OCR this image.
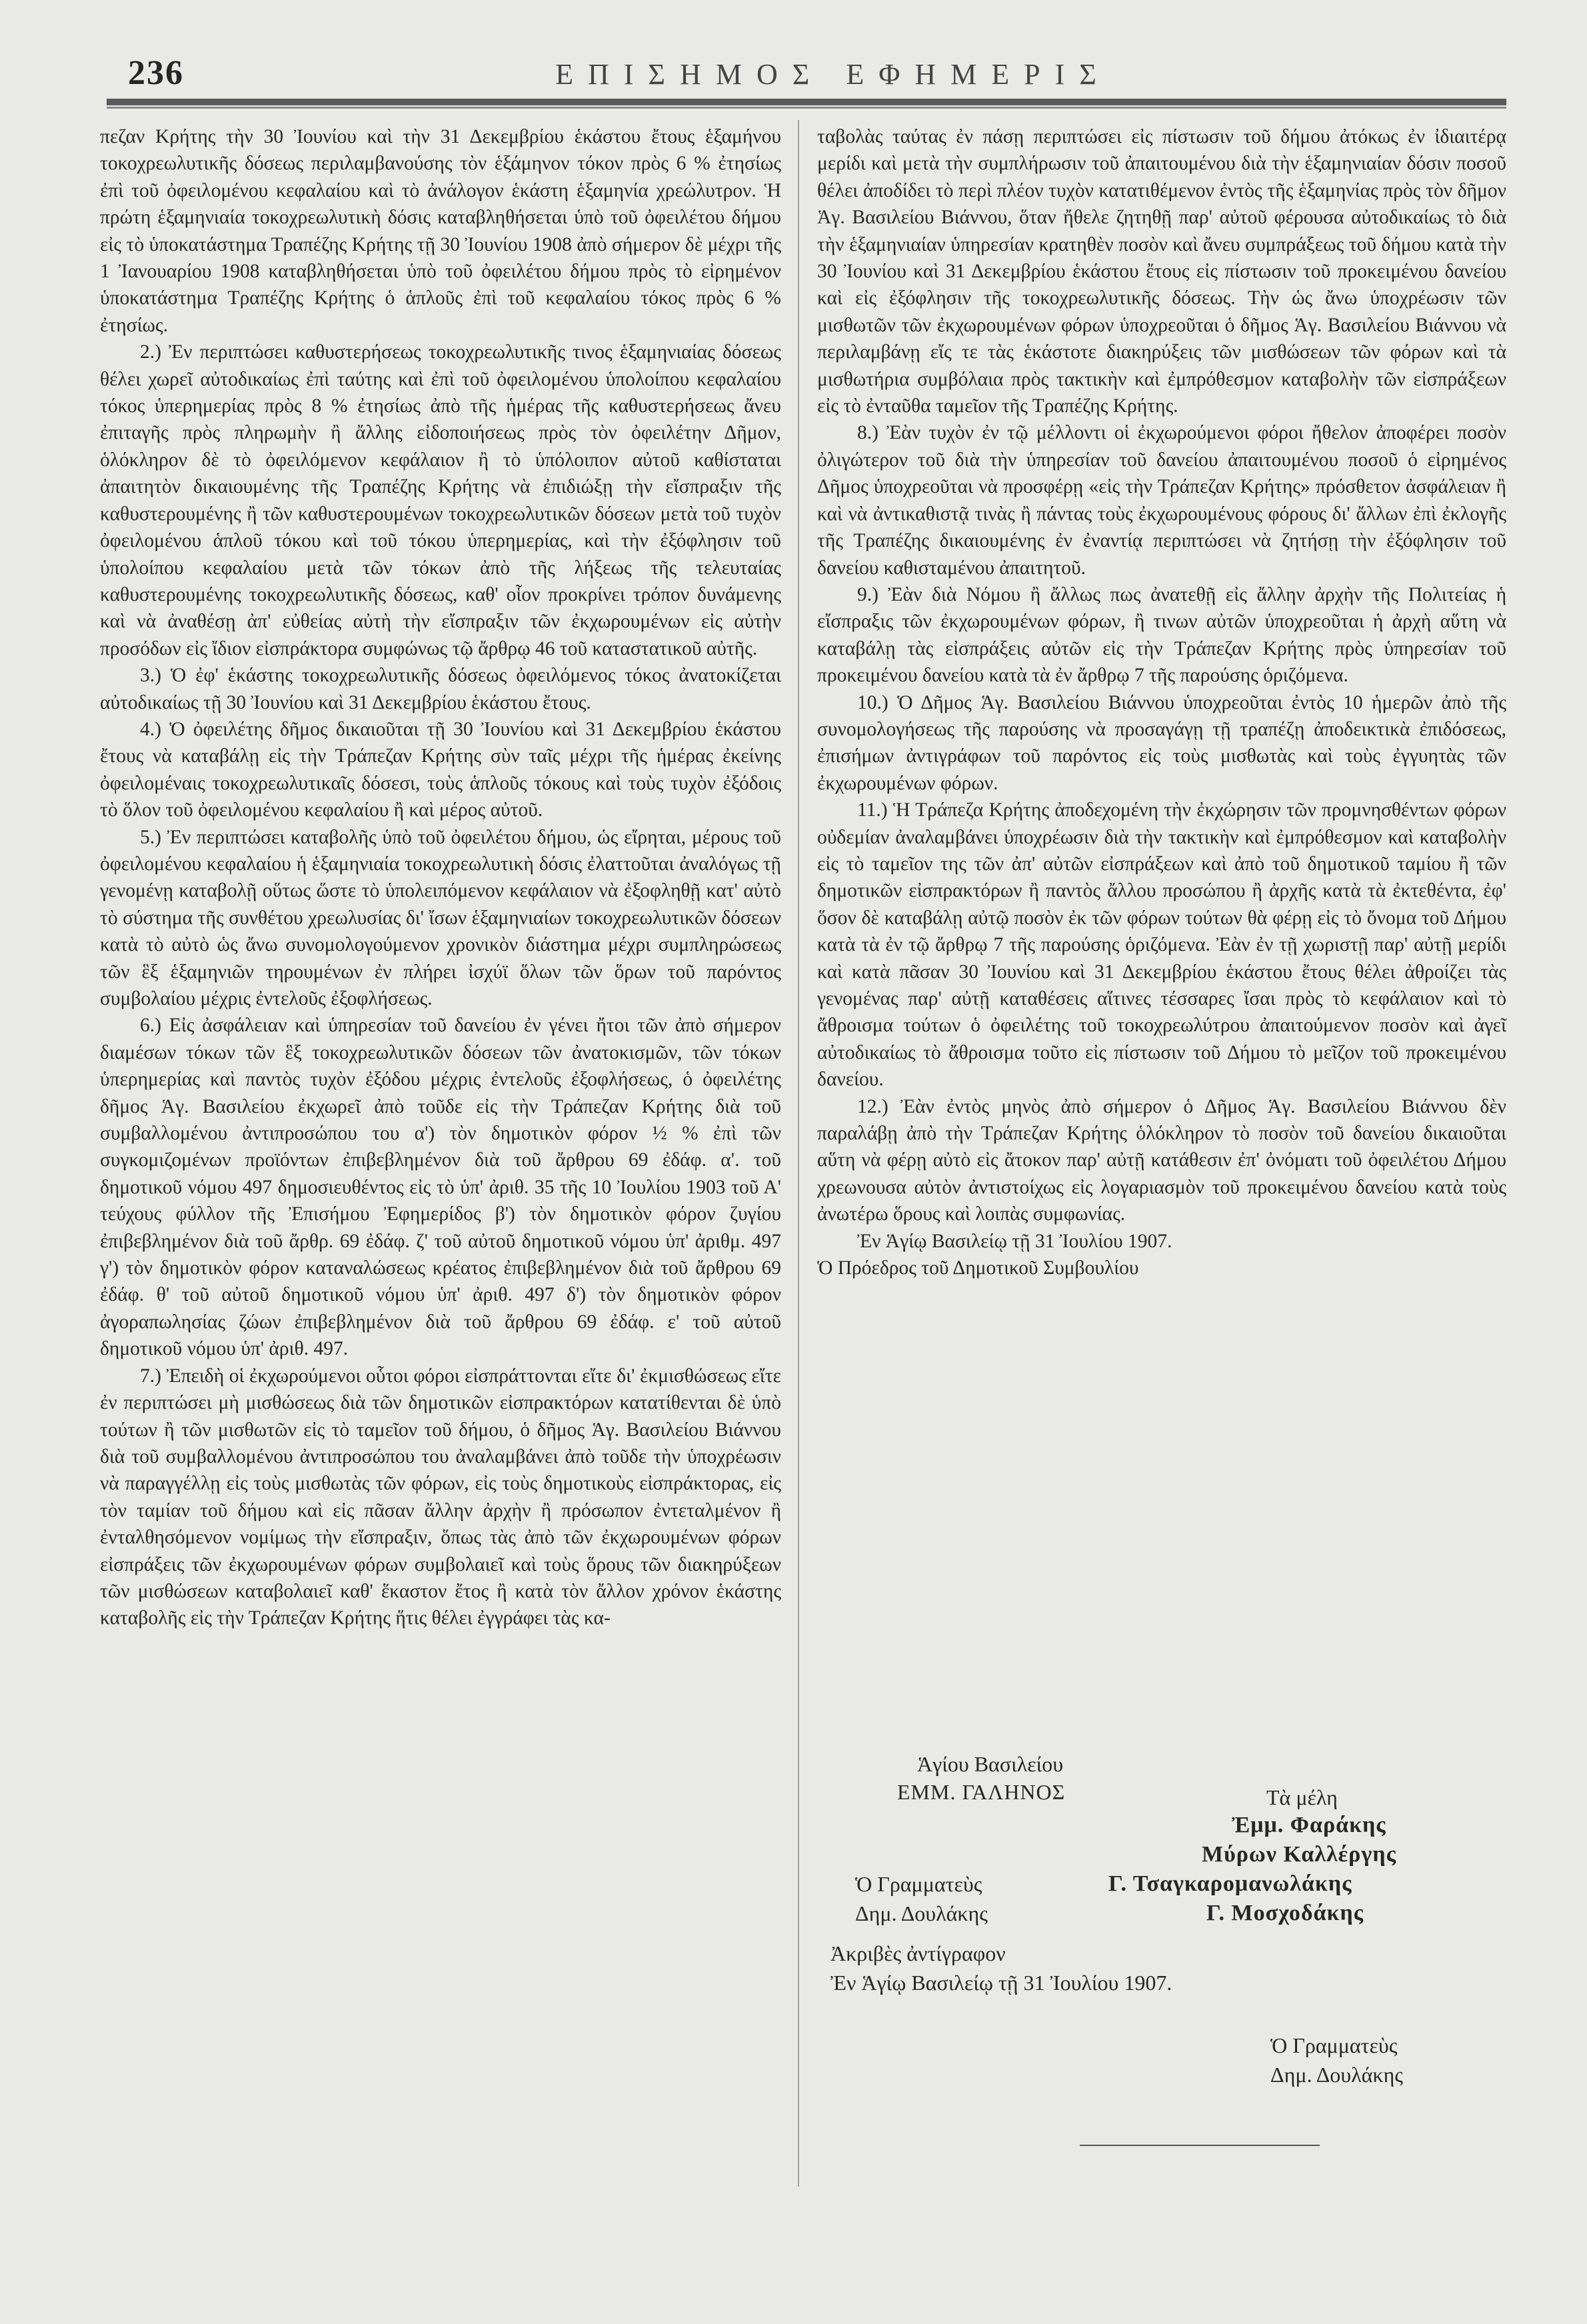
236	ΕΠΙΣΗΜΟΣ ΕΦΗΜΕΡΙΣ

πεζαν Κρήτης τὴν 30 Ἰουνίου καὶ τὴν 31 Δεκεμβρίου ἑκάστου ἔτους ἑξαμήνου τοκοχρεωλυτικῆς δόσεως περιλαμβανούσης τὸν ἑξάμηνον τόκον πρὸς 6 % ἐτησίως ἐπὶ τοῦ ὀφειλομένου κεφαλαίου καὶ τὸ ἀνάλογον ἑκάστη ἑξαμηνία χρεώλυτρον. Ἡ πρώτη ἑξαμηνιαία τοκοχρεωλυτικὴ δόσις καταβληθήσεται ὑπὸ τοῦ ὀφειλέτου δήμου εἰς τὸ ὑποκατάστημα Τραπέζης Κρήτης τῇ 30 Ἰουνίου 1908 ἀπὸ σήμερον δὲ μέχρι τῆς 1 Ἰανουαρίου 1908 καταβληθήσεται ὑπὸ τοῦ ὀφειλέτου δήμου πρὸς τὸ εἰρημένον ὑποκατάστημα Τραπέζης Κρήτης ὁ ἁπλοῦς ἐπὶ τοῦ κεφαλαίου τόκος πρὸς 6 % ἐτησίως.

2.) Ἐν περιπτώσει καθυστερήσεως τοκοχρεωλυτικῆς τινος ἑξαμηνιαίας δόσεως θέλει χωρεῖ αὐτοδικαίως ἐπὶ ταύτης καὶ ἐπὶ τοῦ ὀφειλομένου ὑπολοίπου κεφαλαίου τόκος ὑπερημερίας πρὸς 8 % ἐτησίως ἀπὸ τῆς ἡμέρας τῆς καθυστερήσεως ἄνευ ἐπιταγῆς πρὸς πληρωμὴν ἢ ἄλλης εἰδοποιήσεως πρὸς τὸν ὀφειλέτην Δῆμον, ὁλόκληρον δὲ τὸ ὀφειλόμενον κεφάλαιον ἢ τὸ ὑπόλοιπον αὐτοῦ καθίσταται ἀπαιτητὸν δικαιουμένης τῆς Τραπέζης Κρήτης νὰ ἐπιδιώξῃ τὴν εἴσπραξιν τῆς καθυστερουμένης ἢ τῶν καθυστερουμένων τοκοχρεωλυτικῶν δόσεων μετὰ τοῦ τυχὸν ὀφειλομένου ἁπλοῦ τόκου καὶ τοῦ τόκου ὑπερημερίας, καὶ τὴν ἐξόφλησιν τοῦ ὑπολοίπου κεφαλαίου μετὰ τῶν τόκων ἀπὸ τῆς λήξεως τῆς τελευταίας καθυστερουμένης τοκοχρεωλυτικῆς δόσεως, καθ' οἷον προκρίνει τρόπον δυνάμενης καὶ νὰ ἀναθέσῃ ἀπ' εὐθείας αὐτὴ τὴν εἴσπραξιν τῶν ἐκχωρουμένων εἰς αὐτὴν προσόδων εἰς ἴδιον εἰσπράκτορα συμφώνως τῷ ἄρθρῳ 46 τοῦ καταστατικοῦ αὐτῆς.

3.) Ὁ ἐφ' ἑκάστης τοκοχρεωλυτικῆς δόσεως ὀφειλόμενος τόκος ἀνατοκίζεται αὐτοδικαίως τῇ 30 Ἰουνίου καὶ 31 Δεκεμβρίου ἑκάστου ἔτους.

4.) Ὁ ὀφειλέτης δῆμος δικαιοῦται τῇ 30 Ἰουνίου καὶ 31 Δεκεμβρίου ἑκάστου ἔτους νὰ καταβάλῃ εἰς τὴν Τράπεζαν Κρήτης σὺν ταῖς μέχρι τῆς ἡμέρας ἐκείνης ὀφειλομέναις τοκοχρεωλυτικαῖς δόσεσι, τοὺς ἁπλοῦς τόκους καὶ τοὺς τυχὸν ἐξόδοις τὸ ὅλον τοῦ ὀφειλομένου κεφαλαίου ἢ καὶ μέρος αὐτοῦ.

5.) Ἐν περιπτώσει καταβολῆς ὑπὸ τοῦ ὀφειλέτου δήμου, ὡς εἴρηται, μέρους τοῦ ὀφειλομένου κεφαλαίου ἡ ἑξαμηνιαία τοκοχρεωλυτικὴ δόσις ἐλαττοῦται ἀναλόγως τῇ γενομένῃ καταβολῇ οὕτως ὥστε τὸ ὑπολειπόμενον κεφάλαιον νὰ ἐξοφληθῇ κατ' αὐτὸ τὸ σύστημα τῆς συνθέτου χρεωλυσίας δι' ἴσων ἑξαμηνιαίων τοκοχρεωλυτικῶν δόσεων κατὰ τὸ αὐτὸ ὡς ἄνω συνομολογούμενον χρονικὸν διάστημα μέχρι συμπληρώσεως τῶν ἓξ ἑξαμηνιῶν τηρουμένων ἐν πλήρει ἰσχύϊ ὅλων τῶν ὅρων τοῦ παρόντος συμβολαίου μέχρις ἐντελοῦς ἐξοφλήσεως.

6.) Εἰς ἀσφάλειαν καὶ ὑπηρεσίαν τοῦ δανείου ἐν γένει ἤτοι τῶν ἀπὸ σήμερον διαμέσων τόκων τῶν ἓξ τοκοχρεωλυτικῶν δόσεων τῶν ἀνατοκισμῶν, τῶν τόκων ὑπερημερίας καὶ παντὸς τυχὸν ἐξόδου μέχρις ἐντελοῦς ἐξοφλήσεως, ὁ ὀφειλέτης δῆμος Ἁγ. Βασιλείου ἐκχωρεῖ ἀπὸ τοῦδε εἰς τὴν Τράπεζαν Κρήτης διὰ τοῦ συμβαλλομένου ἀντιπροσώπου του α') τὸν δημοτικὸν φόρον ½ % ἐπὶ τῶν συγκομιζομένων προϊόντων ἐπιβεβλημένον διὰ τοῦ ἄρθρου 69 ἐδάφ. α'. τοῦ δημοτικοῦ νόμου 497 δημοσιευθέντος εἰς τὸ ὑπ' ἀριθ. 35 τῆς 10 Ἰουλίου 1903 τοῦ Α' τεύχους φύλλον τῆς Ἐπισήμου Ἐφημερίδος β') τὸν δημοτικὸν φόρον ζυγίου ἐπιβεβλημένον διὰ τοῦ ἄρθρ. 69 ἐδάφ. ζ' τοῦ αὐτοῦ δημοτικοῦ νόμου ὑπ' ἀριθμ. 497 γ') τὸν δημοτικὸν φόρον καταναλώσεως κρέατος ἐπιβεβλημένον διὰ τοῦ ἄρθρου 69 ἐδάφ. θ' τοῦ αὐτοῦ δημοτικοῦ νόμου ὑπ' ἀριθ. 497 δ') τὸν δημοτικὸν φόρον ἀγοραπωλησίας ζώων ἐπιβεβλημένον διὰ τοῦ ἄρθρου 69 ἐδάφ. ε' τοῦ αὐτοῦ δημοτικοῦ νόμου ὑπ' ἀριθ. 497.

7.) Ἐπειδὴ οἱ ἐκχωρούμενοι οὗτοι φόροι εἰσπράττονται εἴτε δι' ἐκμισθώσεως εἴτε ἐν περιπτώσει μὴ μισθώσεως διὰ τῶν δημοτικῶν εἰσπρακτόρων κατατίθενται δὲ ὑπὸ τούτων ἢ τῶν μισθωτῶν εἰς τὸ ταμεῖον τοῦ δήμου, ὁ δῆμος Ἁγ. Βασιλείου Βιάννου διὰ τοῦ συμβαλλομένου ἀντιπροσώπου του ἀναλαμβάνει ἀπὸ τοῦδε τὴν ὑποχρέωσιν νὰ παραγγέλλῃ εἰς τοὺς μισθωτὰς τῶν φόρων, εἰς τοὺς δημοτικοὺς εἰσπράκτορας, εἰς τὸν ταμίαν τοῦ δήμου καὶ εἰς πᾶσαν ἄλλην ἀρχὴν ἢ πρόσωπον ἐντεταλμένον ἢ ἐνταλθησόμενον νομίμως τὴν εἴσπραξιν, ὅπως τὰς ἀπὸ τῶν ἐκχωρουμένων φόρων εἰσπράξεις τῶν ἐκχωρουμένων φόρων συμβολαιεῖ καὶ τοὺς ὅρους τῶν διακηρύξεων τῶν μισθώσεων καταβολαιεῖ καθ' ἕκαστον ἔτος ἢ κατὰ τὸν ἄλλον χρόνον ἑκάστης καταβολῆς εἰς τὴν Τράπεζαν Κρήτης ἥτις θέλει ἐγγράφει τὰς κα-

ταβολὰς ταύτας ἐν πάσῃ περιπτώσει εἰς πίστωσιν τοῦ δήμου ἀτόκως ἐν ἰδιαιτέρᾳ μερίδι καὶ μετὰ τὴν συμπλήρωσιν τοῦ ἀπαιτουμένου διὰ τὴν ἑξαμηνιαίαν δόσιν ποσοῦ θέλει ἀποδίδει τὸ περὶ πλέον τυχὸν κατατιθέμενον ἐντὸς τῆς ἑξαμηνίας πρὸς τὸν δῆμον Ἁγ. Βασιλείου Βιάννου, ὅταν ἤθελε ζητηθῇ παρ' αὐτοῦ φέρουσα αὐτοδικαίως τὸ διὰ τὴν ἑξαμηνιαίαν ὑπηρεσίαν κρατηθὲν ποσὸν καὶ ἄνευ συμπράξεως τοῦ δήμου κατὰ τὴν 30 Ἰουνίου καὶ 31 Δεκεμβρίου ἑκάστου ἔτους εἰς πίστωσιν τοῦ προκειμένου δανείου καὶ εἰς ἐξόφλησιν τῆς τοκοχρεωλυτικῆς δόσεως. Τὴν ὡς ἄνω ὑποχρέωσιν τῶν μισθωτῶν τῶν ἐκχωρουμένων φόρων ὑποχρεοῦται ὁ δῆμος Ἁγ. Βασιλείου Βιάννου νὰ περιλαμβάνῃ εἴς τε τὰς ἑκάστοτε διακηρύξεις τῶν μισθώσεων τῶν φόρων καὶ τὰ μισθωτήρια συμβόλαια πρὸς τακτικὴν καὶ ἐμπρόθεσμον καταβολὴν τῶν εἰσπράξεων εἰς τὸ ἐνταῦθα ταμεῖον τῆς Τραπέζης Κρήτης.

8.) Ἐὰν τυχὸν ἐν τῷ μέλλοντι οἱ ἐκχωρούμενοι φόροι ἤθελον ἀποφέρει ποσὸν ὀλιγώτερον τοῦ διὰ τὴν ὑπηρεσίαν τοῦ δανείου ἀπαιτουμένου ποσοῦ ὁ εἰρημένος Δῆμος ὑποχρεοῦται νὰ προσφέρῃ «εἰς τὴν Τράπεζαν Κρήτης» πρόσθετον ἀσφάλειαν ἢ καὶ νὰ ἀντικαθιστᾷ τινὰς ἢ πάντας τοὺς ἐκχωρουμένους φόρους δι' ἄλλων ἐπὶ ἐκλογῆς τῆς Τραπέζης δικαιουμένης ἐν ἐναντίᾳ περιπτώσει νὰ ζητήσῃ τὴν ἐξόφλησιν τοῦ δανείου καθισταμένου ἀπαιτητοῦ.

9.) Ἐὰν διὰ Νόμου ἢ ἄλλως πως ἀνατεθῇ εἰς ἄλλην ἀρχὴν τῆς Πολιτείας ἡ εἴσπραξις τῶν ἐκχωρουμένων φόρων, ἢ τινων αὐτῶν ὑποχρεοῦται ἡ ἀρχὴ αὕτη νὰ καταβάλῃ τὰς εἰσπράξεις αὐτῶν εἰς τὴν Τράπεζαν Κρήτης πρὸς ὑπηρεσίαν τοῦ προκειμένου δανείου κατὰ τὰ ἐν ἄρθρῳ 7 τῆς παρούσης ὁριζόμενα.

10.) Ὁ Δῆμος Ἁγ. Βασιλείου Βιάννου ὑποχρεοῦται ἐντὸς 10 ἡμερῶν ἀπὸ τῆς συνομολογήσεως τῆς παρούσης νὰ προσαγάγῃ τῇ τραπέζῃ ἀποδεικτικὰ ἐπιδόσεως, ἐπισήμων ἀντιγράφων τοῦ παρόντος εἰς τοὺς μισθωτὰς καὶ τοὺς ἐγγυητὰς τῶν ἐκχωρουμένων φόρων.

11.) Ἡ Τράπεζα Κρήτης ἀποδεχομένη τὴν ἐκχώρησιν τῶν προμνησθέντων φόρων οὐδεμίαν ἀναλαμβάνει ὑποχρέωσιν διὰ τὴν τακτικὴν καὶ ἐμπρόθεσμον καὶ καταβολὴν εἰς τὸ ταμεῖον της τῶν ἀπ' αὐτῶν εἰσπράξεων καὶ ἀπὸ τοῦ δημοτικοῦ ταμίου ἢ τῶν δημοτικῶν εἰσπρακτόρων ἢ παντὸς ἄλλου προσώπου ἢ ἀρχῆς κατὰ τὰ ἐκτεθέντα, ἐφ' ὅσον δὲ καταβάλῃ αὐτῷ ποσὸν ἐκ τῶν φόρων τούτων θὰ φέρῃ εἰς τὸ ὄνομα τοῦ Δήμου κατὰ τὰ ἐν τῷ ἄρθρῳ 7 τῆς παρούσης ὁριζόμενα. Ἐὰν ἐν τῇ χωριστῇ παρ' αὐτῇ μερίδι καὶ κατὰ πᾶσαν 30 Ἰουνίου καὶ 31 Δεκεμβρίου ἑκάστου ἔτους θέλει ἀθροίζει τὰς γενομένας παρ' αὐτῇ καταθέσεις αἵτινες τέσσαρες ἴσαι πρὸς τὸ κεφάλαιον καὶ τὸ ἄθροισμα τούτων ὁ ὀφειλέτης τοῦ τοκοχρεωλύτρου ἀπαιτούμενον ποσὸν καὶ ἀγεῖ αὐτοδικαίως τὸ ἄθροισμα τοῦτο εἰς πίστωσιν τοῦ Δήμου τὸ μεῖζον τοῦ προκειμένου δανείου.

12.) Ἐὰν ἐντὸς μηνὸς ἀπὸ σήμερον ὁ Δῆμος Ἁγ. Βασιλείου Βιάννου δὲν παραλάβῃ ἀπὸ τὴν Τράπεζαν Κρήτης ὁλόκληρον τὸ ποσὸν τοῦ δανείου δικαιοῦται αὕτη νὰ φέρῃ αὐτὸ εἰς ἄτοκον παρ' αὐτῇ κατάθεσιν ἐπ' ὀνόματι τοῦ ὀφειλέτου Δήμου χρεωνουσα αὐτὸν ἀντιστοίχως εἰς λογαριασμὸν τοῦ προκειμένου δανείου κατὰ τοὺς ἀνωτέρω ὅρους καὶ λοιπὰς συμφωνίας.

Ἐν Ἁγίῳ Βασιλείῳ τῇ 31 Ἰουλίου 1907.

Ὁ Πρόεδρος τοῦ Δημοτικοῦ Συμβουλίου

Ἁγίου Βασιλείου
ΕΜΜ. ΓΑΛΗΝΟΣ	Τὰ μέλη
Ἐμμ. Φαράκης
Μύρων Καλλέργης
Γ. Τσαγκαρομανωλάκης
Γ. Μοσχοδάκης
Ὁ Γραμματεὺς
Δημ. Δουλάκης
Ἀκριβὲς ἀντίγραφον
Ἐν Ἁγίῳ Βασιλείῳ τῇ 31 Ἰουλίου 1907.
Ὁ Γραμματεὺς
Δημ. Δουλάκης
